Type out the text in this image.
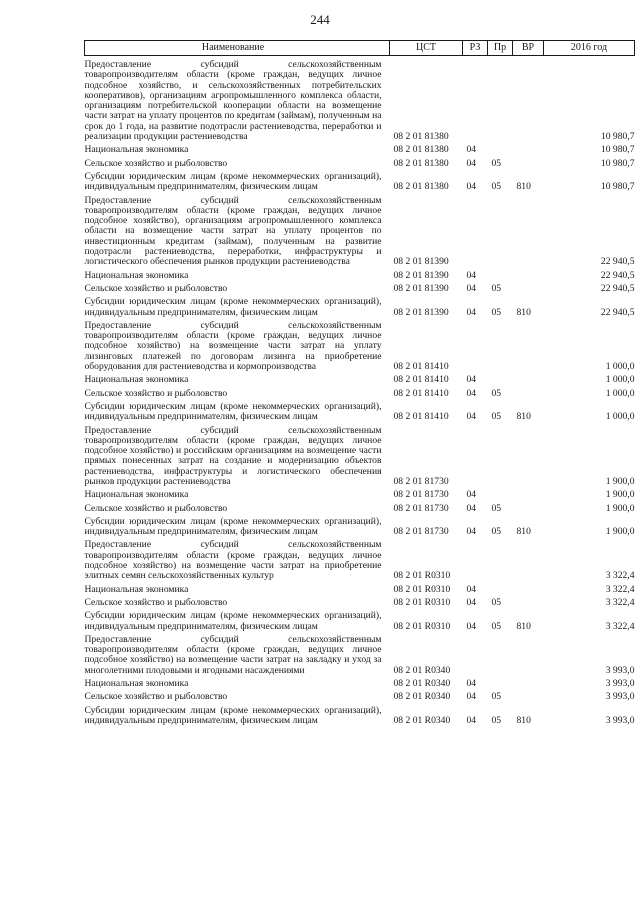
244
Наименование	ЦСТ	РЗ	Пр	ВР	2016 год
Предоставление субсидий сельскохозяйственным товаропроизводителям области (кроме граждан, ведущих личное подсобное хозяйство, и сельскохозяйственных потребительских кооперативов), организациям агропромышленного комплекса области, организациям потребительской кооперации области на возмещение части затрат на уплату процентов по кредитам (займам), полученным на срок до 1 года, на развитие подотрасли растениеводства, переработки и реализации продукции растениеводства	08 2 01 81380				10 980,7
Национальная экономика	08 2 01 81380	04			10 980,7
Сельское хозяйство и рыболовство	08 2 01 81380	04	05		10 980,7
Субсидии юридическим лицам (кроме некоммерческих организаций), индивидуальным предпринимателям, физическим лицам	08 2 01 81380	04	05	810	10 980,7
Предоставление субсидий сельскохозяйственным товаропроизводителям области (кроме граждан, ведущих личное подсобное хозяйство), организациям агропромышленного комплекса области на возмещение части затрат на уплату процентов по инвестиционным кредитам (займам), полученным на развитие подотрасли растениеводства, переработки, инфраструктуры и логистического обеспечения рынков продукции растениеводства	08 2 01 81390				22 940,5
Национальная экономика	08 2 01 81390	04			22 940,5
Сельское хозяйство и рыболовство	08 2 01 81390	04	05		22 940,5
Субсидии юридическим лицам (кроме некоммерческих организаций), индивидуальным предпринимателям, физическим лицам	08 2 01 81390	04	05	810	22 940,5
Предоставление субсидий сельскохозяйственным товаропроизводителям области (кроме граждан, ведущих личное подсобное хозяйство) на возмещение части затрат на уплату лизинговых платежей по договорам лизинга на приобретение оборудования для растениеводства и кормопроизводства	08 2 01 81410				1 000,0
Национальная экономика	08 2 01 81410	04			1 000,0
Сельское хозяйство и рыболовство	08 2 01 81410	04	05		1 000,0
Субсидии юридическим лицам (кроме некоммерческих организаций), индивидуальным предпринимателям, физическим лицам	08 2 01 81410	04	05	810	1 000,0
Предоставление субсидий сельскохозяйственным товаропроизводителям области (кроме граждан, ведущих личное подсобное хозяйство) и российским организациям на возмещение части прямых понесенных затрат на создание и модернизацию объектов растениеводства, инфраструктуры и логистического обеспечения рынков продукции растениеводства	08 2 01 81730				1 900,0
Национальная экономика	08 2 01 81730	04			1 900,0
Сельское хозяйство и рыболовство	08 2 01 81730	04	05		1 900,0
Субсидии юридическим лицам (кроме некоммерческих организаций), индивидуальным предпринимателям, физическим лицам	08 2 01 81730	04	05	810	1 900,0
Предоставление субсидий сельскохозяйственным товаропроизводителям области (кроме граждан, ведущих личное подсобное хозяйство) на возмещение части затрат на приобретение элитных семян сельскохозяйственных культур	08 2 01 R0310				3 322,4
Национальная экономика	08 2 01 R0310	04			3 322,4
Сельское хозяйство и рыболовство	08 2 01 R0310	04	05		3 322,4
Субсидии юридическим лицам (кроме некоммерческих организаций), индивидуальным предпринимателям, физическим лицам	08 2 01 R0310	04	05	810	3 322,4
Предоставление субсидий сельскохозяйственным товаропроизводителям области (кроме граждан, ведущих личное подсобное хозяйство) на возмещение части затрат на закладку и уход за многолетними плодовыми и ягодными насаждениями	08 2 01 R0340				3 993,0
Национальная экономика	08 2 01 R0340	04			3 993,0
Сельское хозяйство и рыболовство	08 2 01 R0340	04	05		3 993,0
Субсидии юридическим лицам (кроме некоммерческих организаций), индивидуальным предпринимателям, физическим лицам	08 2 01 R0340	04	05	810	3 993,0
